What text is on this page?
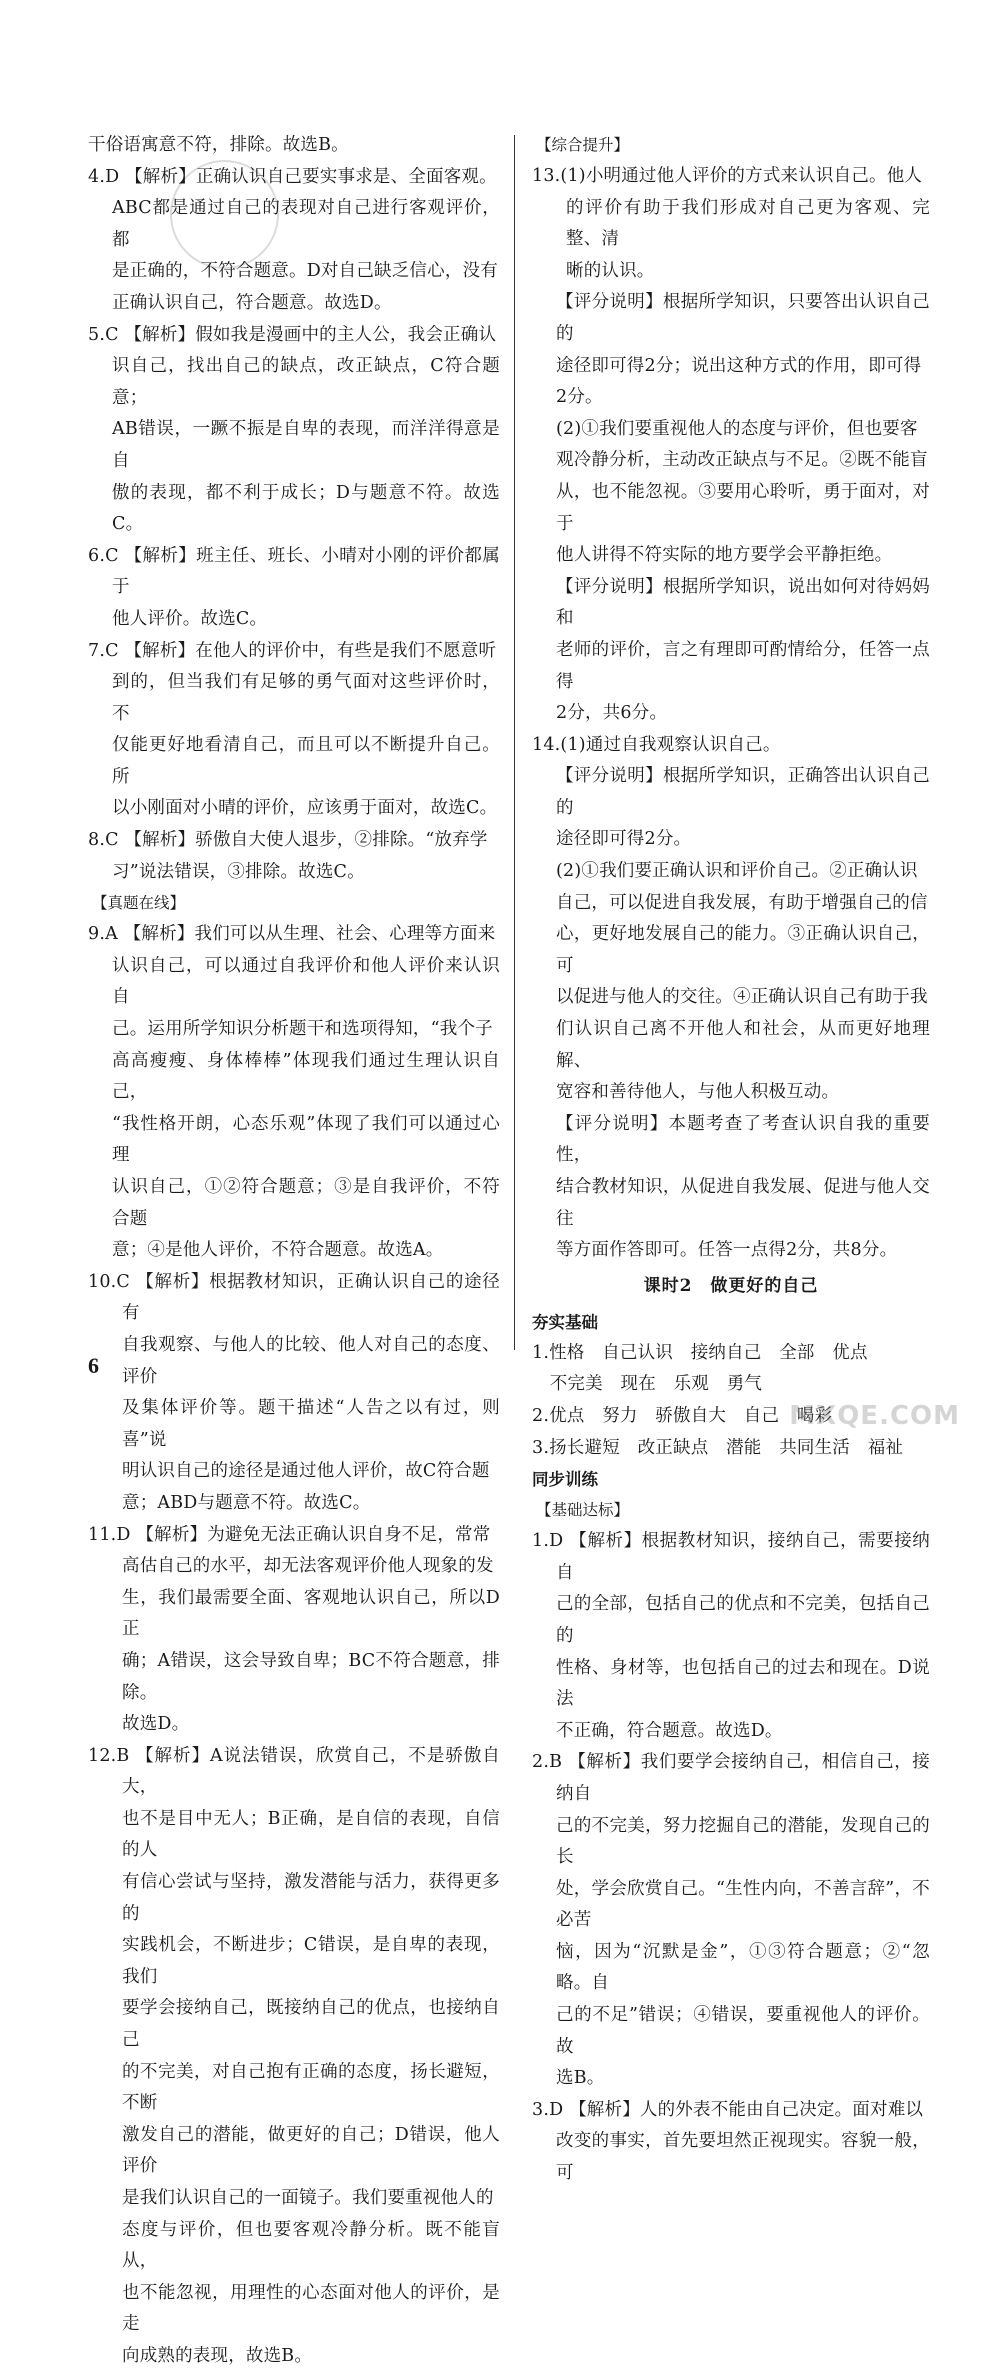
干俗语寓意不符，排除。故选B。

4.D 【解析】正确认识自己要实事求是、全面客观。
ABC都是通过自己的表现对自己进行客观评价，都
是正确的，不符合题意。D对自己缺乏信心，没有
正确认识自己，符合题意。故选D。

5.C 【解析】假如我是漫画中的主人公，我会正确认
识自己，找出自己的缺点，改正缺点，C符合题意；
AB错误，一蹶不振是自卑的表现，而洋洋得意是自
傲的表现，都不利于成长；D与题意不符。故选C。

6.C 【解析】班主任、班长、小晴对小刚的评价都属于
他人评价。故选C。

7.C 【解析】在他人的评价中，有些是我们不愿意听
到的，但当我们有足够的勇气面对这些评价时，不
仅能更好地看清自己，而且可以不断提升自己。所
以小刚面对小晴的评价，应该勇于面对，故选C。

8.C 【解析】骄傲自大使人退步，②排除。“放弃学
习”说法错误，③排除。故选C。

【真题在线】

9.A 【解析】我们可以从生理、社会、心理等方面来
认识自己，可以通过自我评价和他人评价来认识自
己。运用所学知识分析题干和选项得知，“我个子
高高瘦瘦、身体棒棒”体现我们通过生理认识自己，
“我性格开朗，心态乐观”体现了我们可以通过心理
认识自己，①②符合题意；③是自我评价，不符合题
意；④是他人评价，不符合题意。故选A。

10.C 【解析】根据教材知识，正确认识自己的途径有
自我观察、与他人的比较、他人对自己的态度、评价
及集体评价等。题干描述“人告之以有过，则喜”说
明认识自己的途径是通过他人评价，故C符合题
意；ABD与题意不符。故选C。

11.D 【解析】为避免无法正确认识自身不足，常常
高估自己的水平，却无法客观评价他人现象的发
生，我们最需要全面、客观地认识自己，所以D正
确；A错误，这会导致自卑；BC不符合题意，排除。
故选D。

12.B 【解析】A说法错误，欣赏自己，不是骄傲自大，
也不是目中无人；B正确，是自信的表现，自信的人
有信心尝试与坚持，激发潜能与活力，获得更多的
实践机会，不断进步；C错误，是自卑的表现，我们
要学会接纳自己，既接纳自己的优点，也接纳自己
的不完美，对自己抱有正确的态度，扬长避短，不断
激发自己的潜能，做更好的自己；D错误，他人评价
是我们认识自己的一面镜子。我们要重视他人的
态度与评价，但也要客观冷静分析。既不能盲从，
也不能忽视，用理性的心态面对他人的评价，是走
向成熟的表现，故选B。

【综合提升】

13.(1)小明通过他人评价的方式来认识自己。他人
的评价有助于我们形成对自己更为客观、完整、清
晰的认识。

【评分说明】根据所学知识，只要答出认识自己的
途径即可得2分；说出这种方式的作用，即可得
2分。

(2)①我们要重视他人的态度与评价，但也要客
观冷静分析，主动改正缺点与不足。②既不能盲
从，也不能忽视。③要用心聆听，勇于面对，对于
他人讲得不符实际的地方要学会平静拒绝。

【评分说明】根据所学知识，说出如何对待妈妈和
老师的评价，言之有理即可酌情给分，任答一点得
2分，共6分。

14.(1)通过自我观察认识自己。

【评分说明】根据所学知识，正确答出认识自己的
途径即可得2分。

(2)①我们要正确认识和评价自己。②正确认识
自己，可以促进自我发展，有助于增强自己的信
心，更好地发展自己的能力。③正确认识自己，可
以促进与他人的交往。④正确认识自己有助于我
们认识自己离不开他人和社会，从而更好地理解、
宽容和善待他人，与他人积极互动。

【评分说明】本题考查了考查认识自我的重要性，
结合教材知识，从促进自我发展、促进与他人交往
等方面作答即可。任答一点得2分，共8分。

课时2　做更好的自己

夯实基础

1.性格　自己认识　接纳自己　全部　优点
　不完美　现在　乐观　勇气

2.优点　努力　骄傲自大　自己　喝彩

3.扬长避短　改正缺点　潜能　共同生活　福祉

同步训练

【基础达标】

1.D 【解析】根据教材知识，接纳自己，需要接纳自
己的全部，包括自己的优点和不完美，包括自己的
性格、身材等，也包括自己的过去和现在。D说法
不正确，符合题意。故选D。

2.B 【解析】我们要学会接纳自己，相信自己，接纳自
己的不完美，努力挖掘自己的潜能，发现自己的长
处，学会欣赏自己。“生性内向，不善言辞”，不必苦
恼，因为“沉默是金”，①③符合题意；②“忽略。自
己的不足”错误；④错误，要重视他人的评价。故
选B。

3.D 【解析】人的外表不能由自己决定。面对难以
改变的事实，首先要坦然正视现实。容貌一般，可

6
MXQE.COM
